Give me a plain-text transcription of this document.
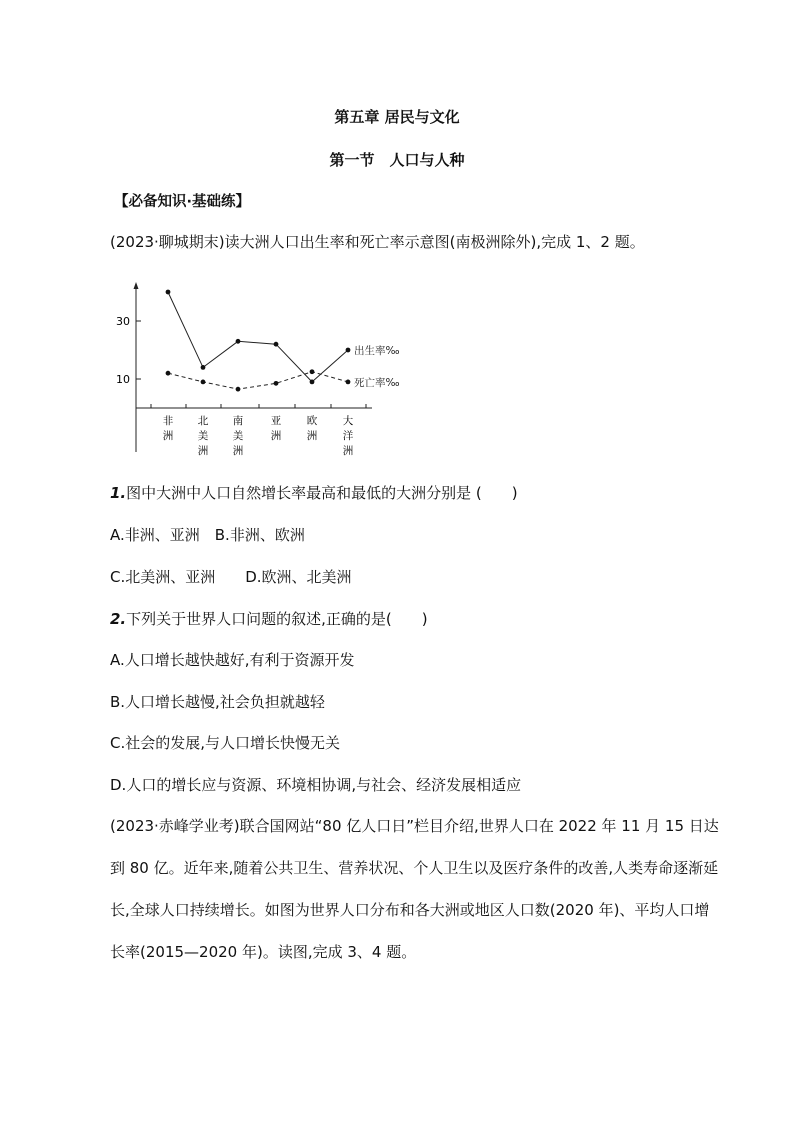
第五章 居民与文化
第一节　人口与人种
【必备知识·基础练】
(2023·聊城期末)读大洲人口出生率和死亡率示意图(南极洲除外),完成 1、2 题。
30
10
非
洲
北
美
洲
南
美
洲
亚
洲
欧
洲
大
洋
洲
出生率‰
死亡率‰
1.图中大洲中人口自然增长率最高和最低的大洲分别是 (　　)
A.非洲、亚洲　B.非洲、欧洲
C.北美洲、亚洲　　D.欧洲、北美洲
2.下列关于世界人口问题的叙述,正确的是(　　)
A.人口增长越快越好,有利于资源开发
B.人口增长越慢,社会负担就越轻
C.社会的发展,与人口增长快慢无关
D.人口的增长应与资源、环境相协调,与社会、经济发展相适应
(2023·赤峰学业考)联合国网站“80 亿人口日”栏目介绍,世界人口在 2022 年 11 月 15 日达到 80 亿。近年来,随着公共卫生、营养状况、个人卫生以及医疗条件的改善,人类寿命逐渐延长,全球人口持续增长。如图为世界人口分布和各大洲或地区人口数(2020 年)、平均人口增长率(2015—2020 年)。读图,完成 3、4 题。
